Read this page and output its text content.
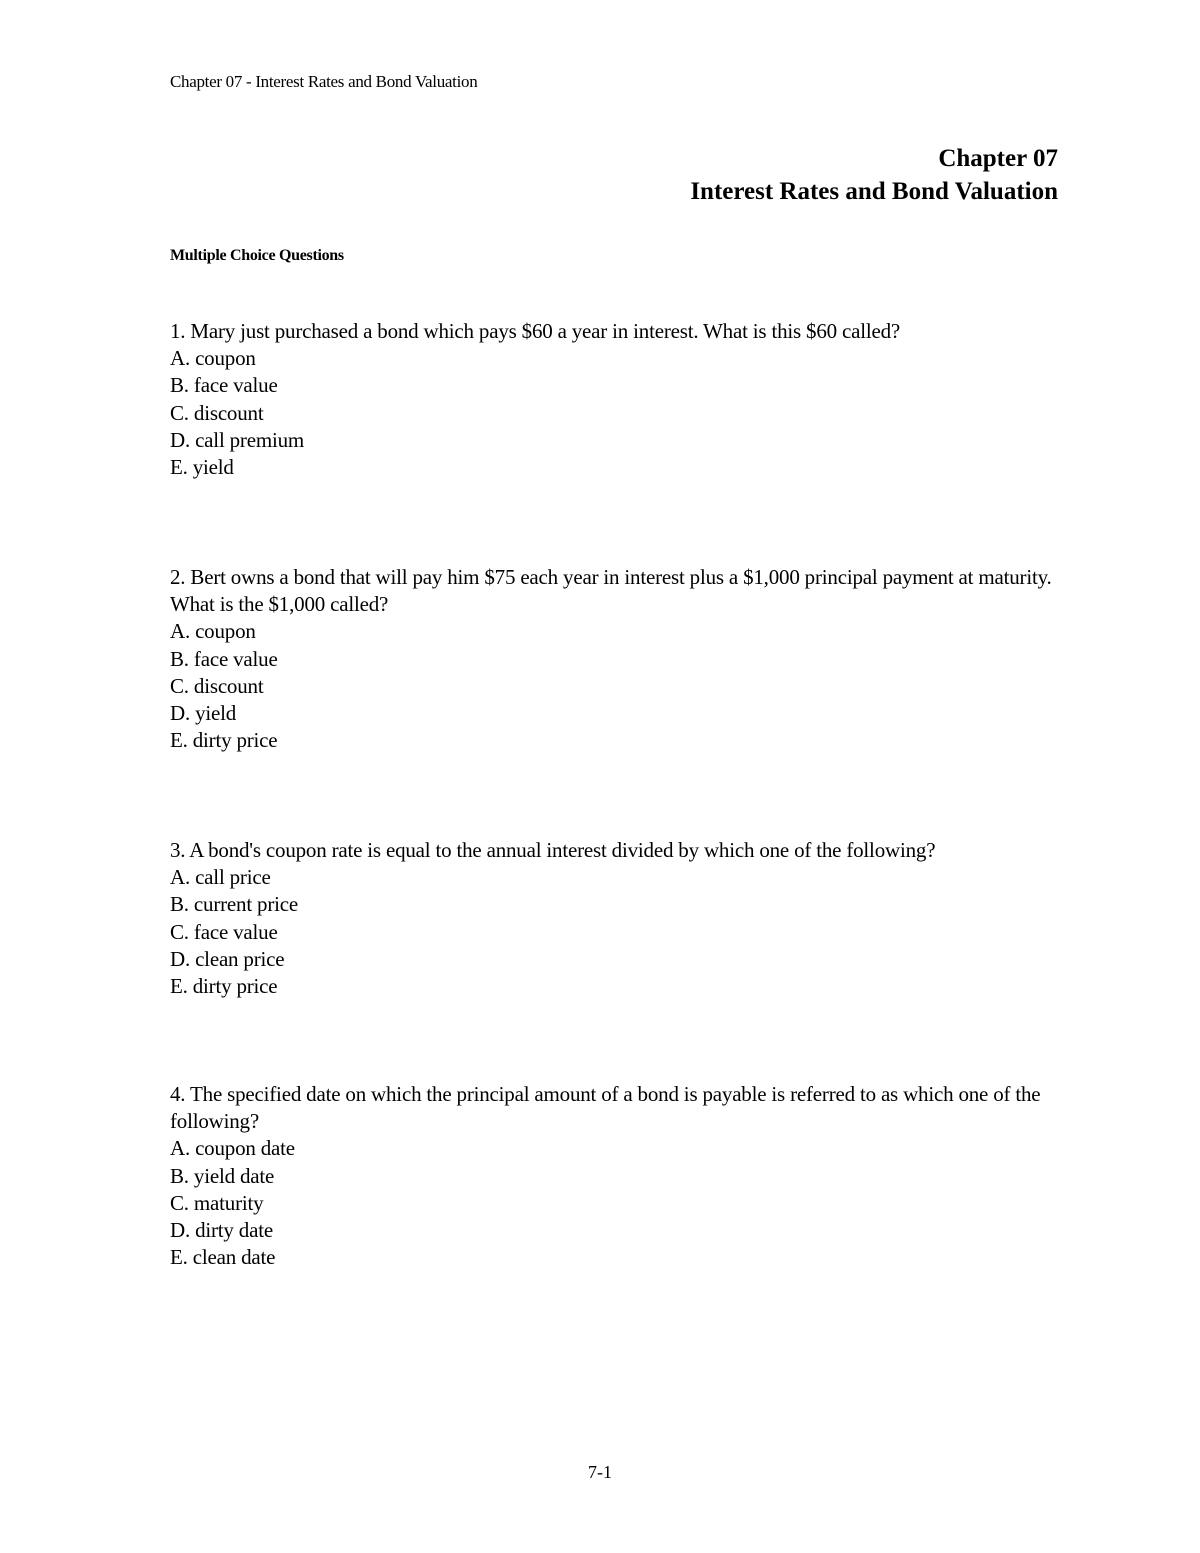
Chapter 07 - Interest Rates and Bond Valuation
Chapter 07
Interest Rates and Bond Valuation
Multiple Choice Questions
1. Mary just purchased a bond which pays $60 a year in interest. What is this $60 called?
A. coupon
B. face value
C. discount
D. call premium
E. yield
2. Bert owns a bond that will pay him $75 each year in interest plus a $1,000 principal payment at maturity. What is the $1,000 called?
A. coupon
B. face value
C. discount
D. yield
E. dirty price
3. A bond's coupon rate is equal to the annual interest divided by which one of the following?
A. call price
B. current price
C. face value
D. clean price
E. dirty price
4. The specified date on which the principal amount of a bond is payable is referred to as which one of the following?
A. coupon date
B. yield date
C. maturity
D. dirty date
E. clean date
7-1
